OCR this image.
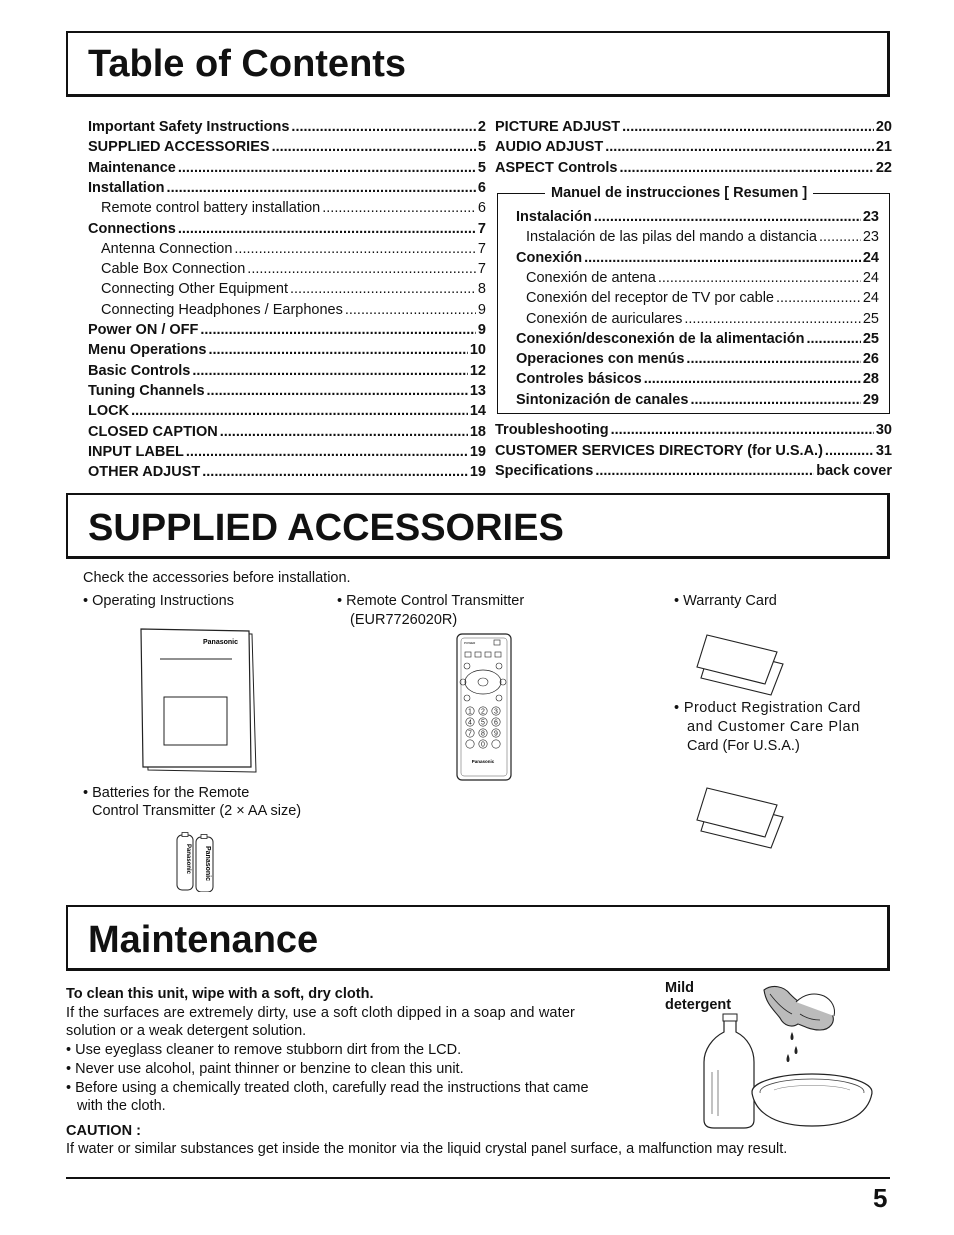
Table of Contents
Important Safety Instructions .....	2
SUPPLIED ACCESSORIES .....	5
Maintenance .....	5
Installation .....	6
Remote control battery installation .....	6
Connections .....	7
Antenna Connection .....	7
Cable Box Connection .....	7
Connecting Other Equipment .....	8
Connecting Headphones / Earphones .....	9
Power ON / OFF .....	9
Menu Operations .....	10
Basic Controls .....	12
Tuning Channels .....	13
LOCK .....	14
CLOSED CAPTION .....	18
INPUT LABEL .....	19
OTHER ADJUST .....	19
PICTURE ADJUST .....	20
AUDIO ADJUST .....	21
ASPECT Controls .....	22
Troubleshooting .....	30
CUSTOMER SERVICES DIRECTORY (for U.S.A.) .....	31
Specifications .....	back cover
Manuel de instrucciones [ Resumen ]
Instalación .....	23
Instalación de las pilas del mando a distancia .....	23
Conexión .....	24
Conexión de antena .....	24
Conexión del receptor de TV por cable .....	24
Conexión de auriculares .....	25
Conexión/desconexión de la alimentación .....	25
Operaciones con menús .....	26
Controles básicos .....	28
Sintonización de canales .....	29
SUPPLIED ACCESSORIES
Check the accessories before installation.
• Operating Instructions	• Remote Control Transmitter
(EUR7726020R)
• Warranty Card
• Product Registration Card
and Customer Care Plan
Card (For U.S.A.)
• Batteries for the Remote
Control Transmitter (2 × AA size)
Panasonic	POWER
1 2 3
4 5 6
7 8 9
0
Panasonic
Panasonic Panasonic
Maintenance
To clean this unit, wipe with a soft, dry cloth.
If the surfaces are extremely dirty, use a soft cloth dipped in a soap and water
solution or a weak detergent solution.
• Use eyeglass cleaner to remove stubborn dirt from the LCD.
• Never use alcohol, paint thinner or benzine to clean this unit.
• Before using a chemically treated cloth, carefully read the instructions that came
with the cloth.
CAUTION :
If water or similar substances get inside the monitor via the liquid crystal panel surface, a malfunction may result.
Mild
detergent
5
